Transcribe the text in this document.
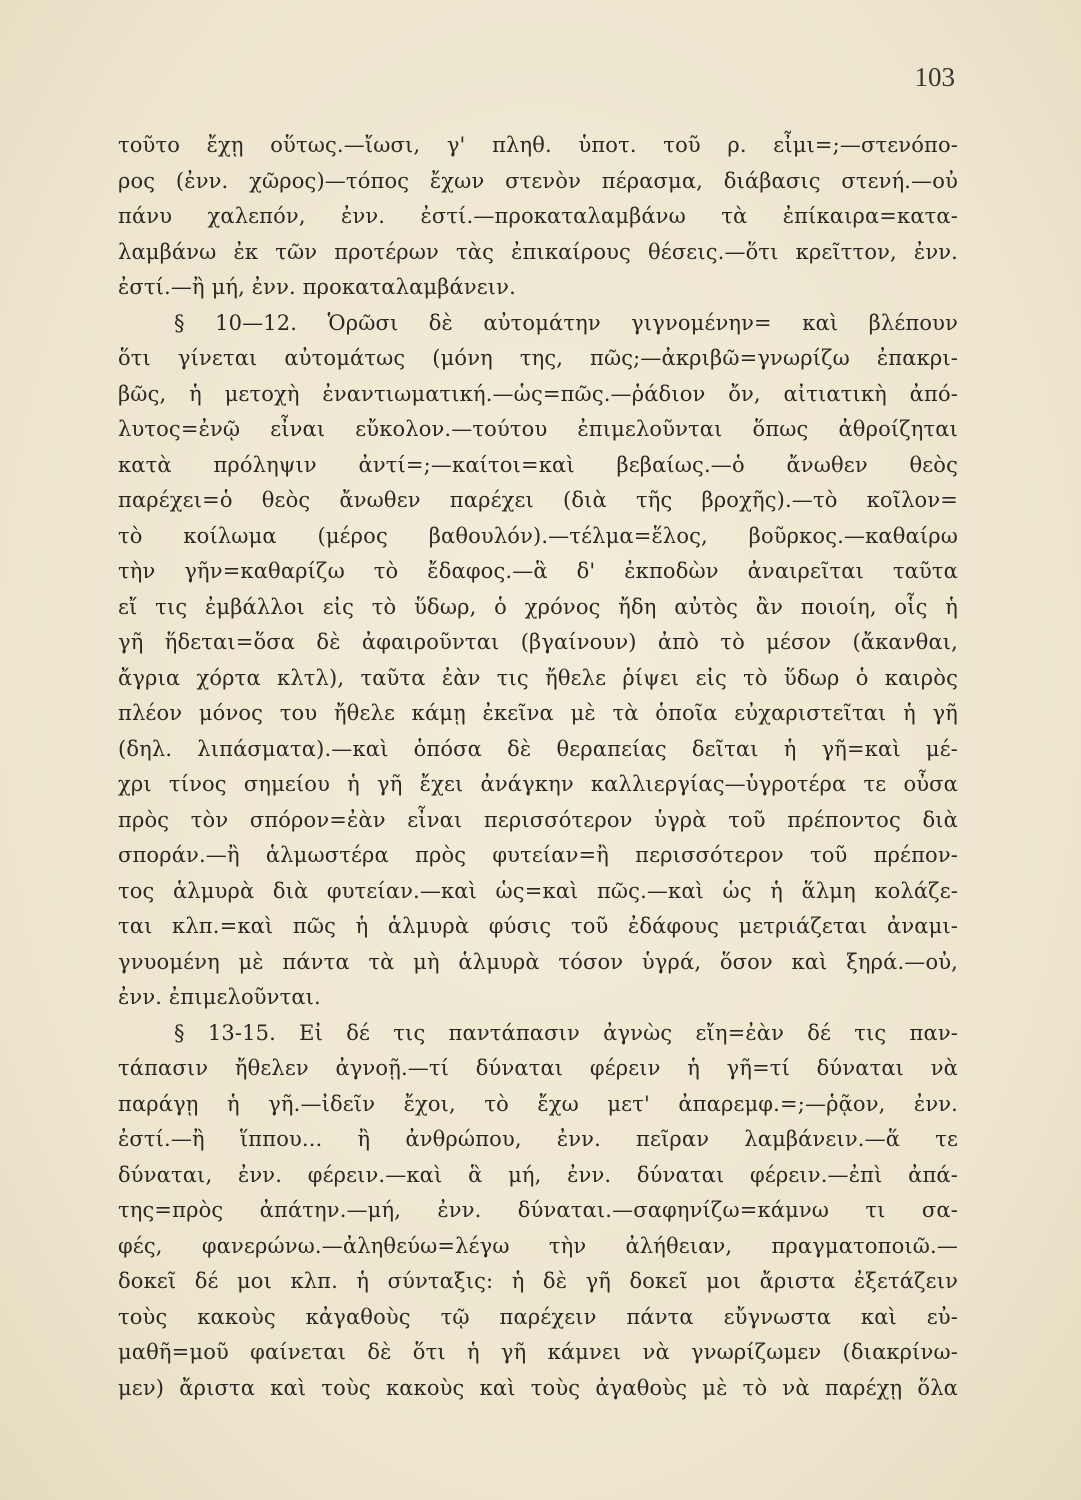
103
τοῦτο ἔχῃ οὕτως.—ἴωσι, γ' πληθ. ὑποτ. τοῦ ρ. εἶμι=;—στενόπο-
ρος (ἐνν. χῶρος)—τόπος ἔχων στενὸν πέρασμα, διάβασις στενή.—οὐ
πάνυ χαλεπόν, ἐνν. ἐστί.—προκαταλαμβάνω τὰ ἐπίκαιρα=κατα-
λαμβάνω ἐκ τῶν προτέρων τὰς ἐπικαίρους θέσεις.—ὅτι κρεῖττον, ἐνν.
ἐστί.—ἢ μή, ἐνν. προκαταλαμβάνειν.
§ 10—12. Ὁρῶσι δὲ αὐτομάτην γιγνομένην= καὶ βλέπουν
ὅτι γίνεται αὐτομάτως (μόνη της, πῶς;—ἀκριβῶ=γνωρίζω ἐπακρι-
βῶς, ἡ μετοχὴ ἐναντιωματική.—ὡς=πῶς.—ῥάδιον ὄν, αἰτιατικὴ ἀπό-
λυτος=ἐνῷ εἶναι εὔκολον.—τούτου ἐπιμελοῦνται ὅπως ἀθροίζηται
κατὰ πρόληψιν ἀντί=;—καίτοι=καὶ βεβαίως.—ὁ ἄνωθεν θεὸς
παρέχει=ὁ θεὸς ἄνωθεν παρέχει (διὰ τῆς βροχῆς).—τὸ κοῖλον=
τὸ κοίλωμα (μέρος βαθουλόν).—τέλμα=ἕλος, βοῦρκος.—καθαίρω
τὴν γῆν=καθαρίζω τὸ ἔδαφος.—ἃ δ' ἐκποδὼν ἀναιρεῖται ταῦτα
εἴ τις ἐμβάλλοι εἰς τὸ ὕδωρ, ὁ χρόνος ἤδη αὐτὸς ἂν ποιοίη, οἷς ἡ
γῆ ἥδεται=ὅσα δὲ ἀφαιροῦνται (βγαίνουν) ἀπὸ τὸ μέσον (ἄκανθαι,
ἄγρια χόρτα κλτλ), ταῦτα ἐὰν τις ἤθελε ῥίψει εἰς τὸ ὕδωρ ὁ καιρὸς
πλέον μόνος του ἤθελε κάμῃ ἐκεῖνα μὲ τὰ ὁποῖα εὐχαριστεῖται ἡ γῆ
(δηλ. λιπάσματα).—καὶ ὁπόσα δὲ θεραπείας δεῖται ἡ γῆ=καὶ μέ-
χρι τίνος σημείου ἡ γῆ ἔχει ἀνάγκην καλλιεργίας—ὑγροτέρα τε οὖσα
πρὸς τὸν σπόρον=ἐὰν εἶναι περισσότερον ὑγρὰ τοῦ πρέποντος διὰ
σποράν.—ἢ ἁλμωστέρα πρὸς φυτείαν=ἢ περισσότερον τοῦ πρέπον-
τος ἁλμυρὰ διὰ φυτείαν.—καὶ ὡς=καὶ πῶς.—καὶ ὡς ἡ ἅλμη κολάζε-
ται κλπ.=καὶ πῶς ἡ ἁλμυρὰ φύσις τοῦ ἐδάφους μετριάζεται ἀναμι-
γνυομένη μὲ πάντα τὰ μὴ ἁλμυρὰ τόσον ὑγρά, ὅσον καὶ ξηρά.—οὐ,
ἐνν. ἐπιμελοῦνται.
§ 13-15. Εἰ δέ τις παντάπασιν ἀγνὼς εἴη=ἐὰν δέ τις παν-
τάπασιν ἤθελεν ἀγνοῇ.—τί δύναται φέρειν ἡ γῆ=τί δύναται νὰ
παράγῃ ἡ γῆ.—ἰδεῖν ἔχοι, τὸ ἔχω μετ' ἀπαρεμφ.=;—ῥᾷον, ἐνν.
ἐστί.—ἢ ἵππου... ἢ ἀνθρώπου, ἐνν. πεῖραν λαμβάνειν.—ἅ τε
δύναται, ἐνν. φέρειν.—καὶ ἃ μή, ἐνν. δύναται φέρειν.—ἐπὶ ἀπά-
της=πρὸς ἀπάτην.—μή, ἐνν. δύναται.—σαφηνίζω=κάμνω τι σα-
φές, φανερώνω.—ἀληθεύω=λέγω τὴν ἀλήθειαν, πραγματοποιῶ.—
δοκεῖ δέ μοι κλπ. ἡ σύνταξις: ἡ δὲ γῆ δοκεῖ μοι ἄριστα ἐξετάζειν
τοὺς κακοὺς κἀγαθοὺς τῷ παρέχειν πάντα εὔγνωστα καὶ εὐ-
μαθῆ=μοῦ φαίνεται δὲ ὅτι ἡ γῆ κάμνει νὰ γνωρίζωμεν (διακρίνω-
μεν) ἄριστα καὶ τοὺς κακοὺς καὶ τοὺς ἀγαθοὺς μὲ τὸ νὰ παρέχῃ ὅλα
